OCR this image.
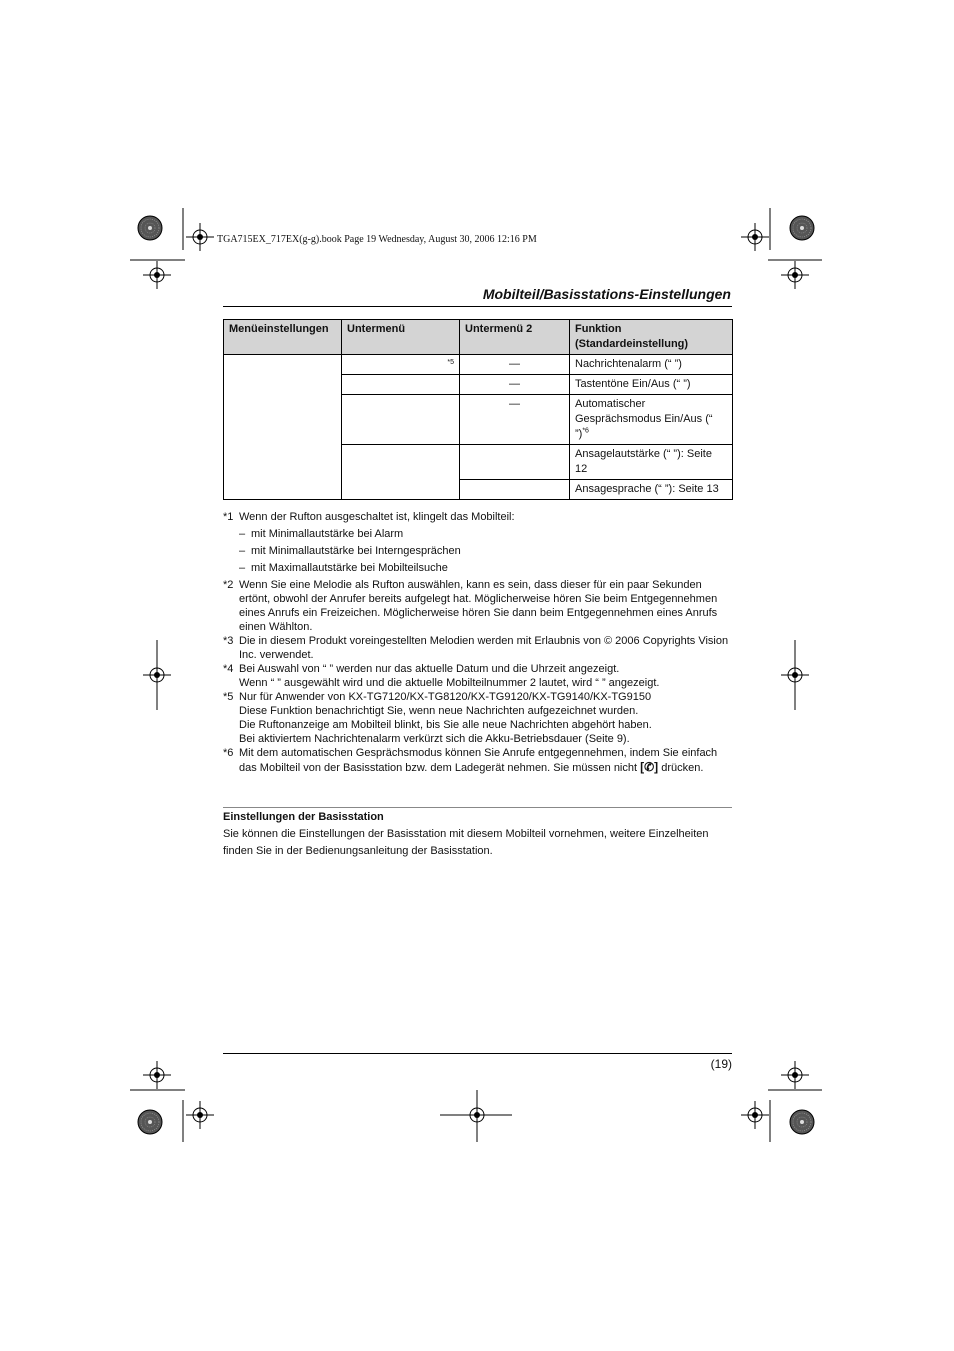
TGA715EX_717EX(g-g).book Page 19 Wednesday, August 30, 2006 12:16 PM
Mobilteil/Basisstations-Einstellungen
Menüeinstellungen	Untermenü	Untermenü 2	Funktion (Standardeinstellung)

	*5	—	Nachrichtenalarm (“ ”)
		—	Tastentöne Ein/Aus (“ ”)
		—	Automatischer Gesprächsmodus Ein/Aus (“ ”)$^{*6}$
			Ansagelautstärke (“ ”): Seite 12
			Ansagesprache (“ ”): Seite 13
*1 Wenn der Rufton ausgeschaltet ist, klingelt das Mobilteil:
– mit Minimallautstärke bei Alarm
– mit Minimallautstärke bei Interngesprächen
– mit Maximallautstärke bei Mobilteilsuche
*2 Wenn Sie eine Melodie als Rufton auswählen, kann es sein, dass dieser für ein paar Sekunden ertönt, obwohl der Anrufer bereits aufgelegt hat. Möglicherweise hören Sie beim Entgegennehmen eines Anrufs ein Freizeichen. Möglicherweise hören Sie dann beim Entgegennehmen eines Anrufs einen Wählton.
*3 Die in diesem Produkt voreingestellten Melodien werden mit Erlaubnis von © 2006 Copyrights Vision Inc. verwendet.
*4 Bei Auswahl von “ ” werden nur das aktuelle Datum und die Uhrzeit angezeigt.
Wenn “ ” ausgewählt wird und die aktuelle Mobilteilnummer 2 lautet, wird “ ” angezeigt.
*5 Nur für Anwender von KX-TG7120/KX-TG8120/KX-TG9120/KX-TG9140/KX-TG9150
Diese Funktion benachrichtigt Sie, wenn neue Nachrichten aufgezeichnet wurden.
Die Ruftonanzeige am Mobilteil blinkt, bis Sie alle neue Nachrichten abgehört haben.
Bei aktiviertem Nachrichtenalarm verkürzt sich die Akku-Betriebsdauer (Seite 9).
*6 Mit dem automatischen Gesprächsmodus können Sie Anrufe entgegennehmen, indem Sie einfach das Mobilteil von der Basisstation bzw. dem Ladegerät nehmen. Sie müssen nicht [✆] drücken.
Einstellungen der Basisstation
Sie können die Einstellungen der Basisstation mit diesem Mobilteil vornehmen, weitere Einzelheiten finden Sie in der Bedienungsanleitung der Basisstation.
(19)
